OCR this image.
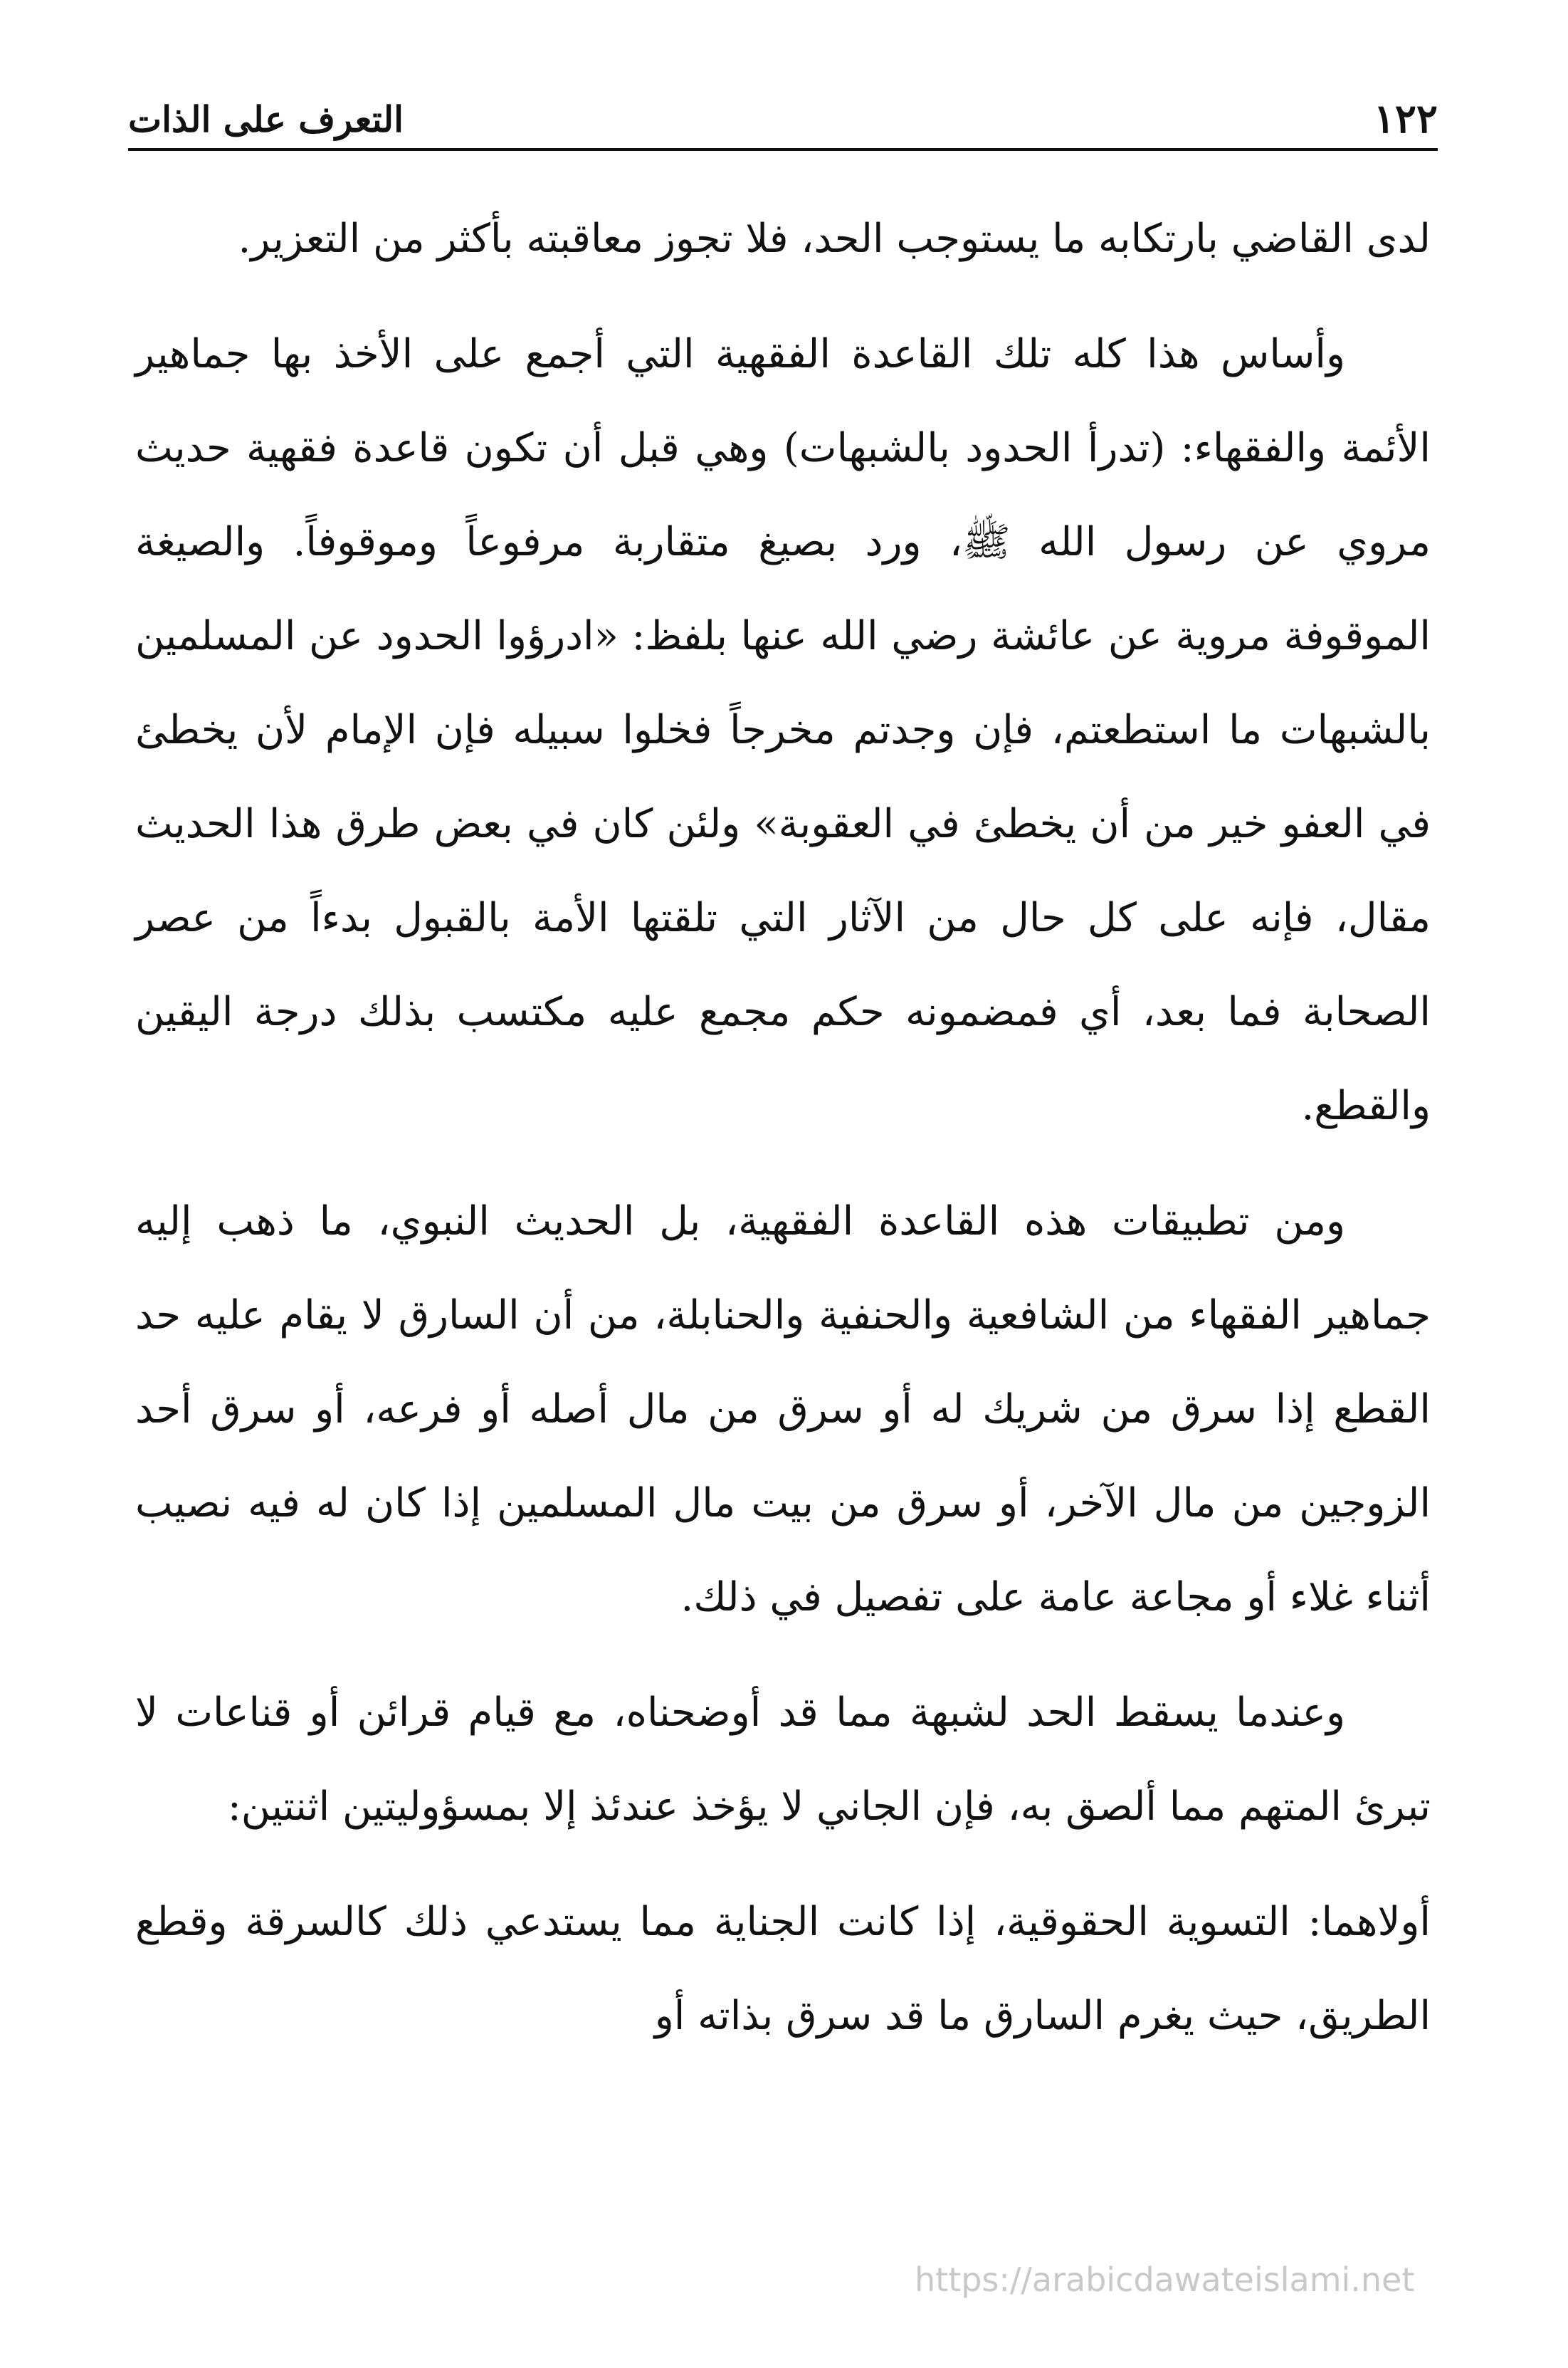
التعرف على الذات	١٢٢

لدى القاضي بارتكابه ما يستوجب الحد، فلا تجوز معاقبته بأكثر من التعزير.

وأساس هذا كله تلك القاعدة الفقهية التي أجمع على الأخذ بها جماهير الأئمة والفقهاء: (تدرأ الحدود بالشبهات) وهي قبل أن تكون قاعدة فقهية حديث مروي عن رسول الله ﷺ، ورد بصيغ متقاربة مرفوعاً وموقوفاً. والصيغة الموقوفة مروية عن عائشة رضي الله عنها بلفظ: «ادرؤوا الحدود عن المسلمين بالشبهات ما استطعتم، فإن وجدتم مخرجاً فخلوا سبيله فإن الإمام لأن يخطئ في العفو خير من أن يخطئ في العقوبة» ولئن كان في بعض طرق هذا الحديث مقال، فإنه على كل حال من الآثار التي تلقتها الأمة بالقبول بدءاً من عصر الصحابة فما بعد، أي فمضمونه حكم مجمع عليه مكتسب بذلك درجة اليقين والقطع.

ومن تطبيقات هذه القاعدة الفقهية، بل الحديث النبوي، ما ذهب إليه جماهير الفقهاء من الشافعية والحنفية والحنابلة، من أن السارق لا يقام عليه حد القطع إذا سرق من شريك له أو سرق من مال أصله أو فرعه، أو سرق أحد الزوجين من مال الآخر، أو سرق من بيت مال المسلمين إذا كان له فيه نصيب أثناء غلاء أو مجاعة عامة على تفصيل في ذلك.

وعندما يسقط الحد لشبهة مما قد أوضحناه، مع قيام قرائن أو قناعات لا تبرئ المتهم مما ألصق به، فإن الجاني لا يؤخذ عندئذ إلا بمسؤوليتين اثنتين:

أولاهما: التسوية الحقوقية، إذا كانت الجناية مما يستدعي ذلك كالسرقة وقطع الطريق، حيث يغرم السارق ما قد سرق بذاته أو

https://arabicdawateislami.net
